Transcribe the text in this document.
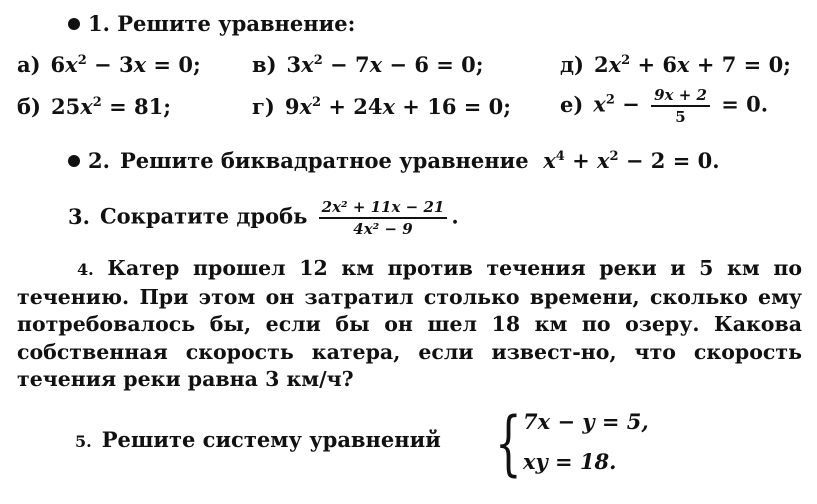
1. Решите уравнение:
а) $6x^2 - 3x = 0$; в) $3x^2 - 7x - 6 = 0$;	д) $2x^2 + 6x + 7 = 0$;
б) $25x^2 = 81$;	г) $9x^2 + 24x + 16 = 0$; е) $x^2 - \frac{9x + 2}{5} = 0$.
2. Решите биквадратное уравнение $x^4 + x^2 - 2 = 0$.
3. Сократите дробь $\frac{\text{2x² + 11x − 21}}{\text{4x² − 9}}$ .
4. Катер прошел 12 км против течения реки и 5 км по течению. При этом он затратил столько времени, сколько ему потребовалось бы, если бы он шел 18 км по озеру. Какова собственная скорость катера, если извест-но, что скорость течения реки равна 3 км/ч?
5. Решите систему уравнений { 7x − y = 5,
xy = 18.
